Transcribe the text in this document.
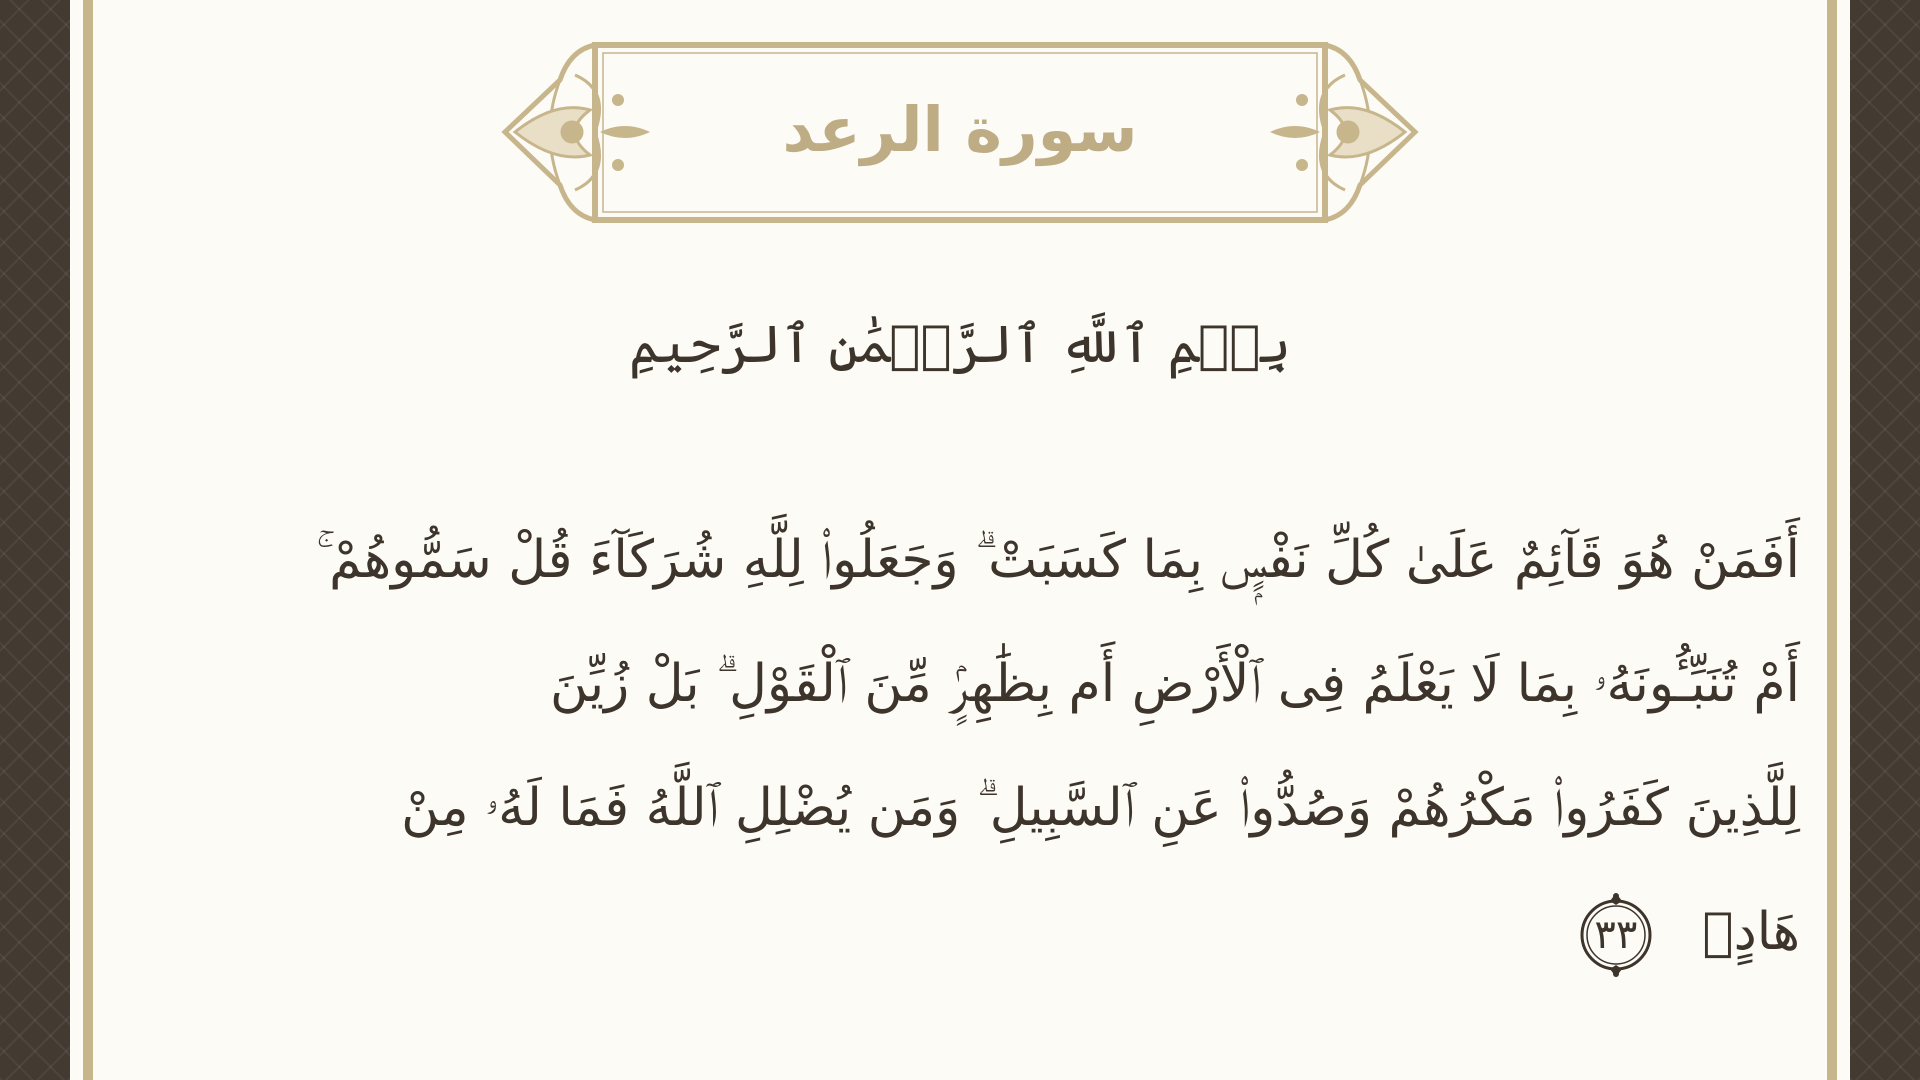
سورة الرعد
بِسۡمِ ٱللَّهِ ٱلرَّحۡمَٰنِ ٱلرَّحِيمِ
أَفَمَنْ هُوَ قَآئِمٌ عَلَىٰ كُلِّ نَفْسٍۭ بِمَا كَسَبَتْ ۗ وَجَعَلُوا۟ لِلَّهِ شُرَكَآءَ قُلْ سَمُّوهُمْ ۚ
أَمْ تُنَبِّـُٔونَهُۥ بِمَا لَا يَعْلَمُ فِى ٱلْأَرْضِ أَم بِظَٰهِرٍۢ مِّنَ ٱلْقَوْلِ ۗ بَلْ زُيِّنَ
لِلَّذِينَ كَفَرُوا۟ مَكْرُهُمْ وَصُدُّوا۟ عَنِ ٱلسَّبِيلِ ۗ وَمَن يُضْلِلِ ٱللَّهُ فَمَا لَهُۥ مِنْ
هَادٍۢ
٣٣
